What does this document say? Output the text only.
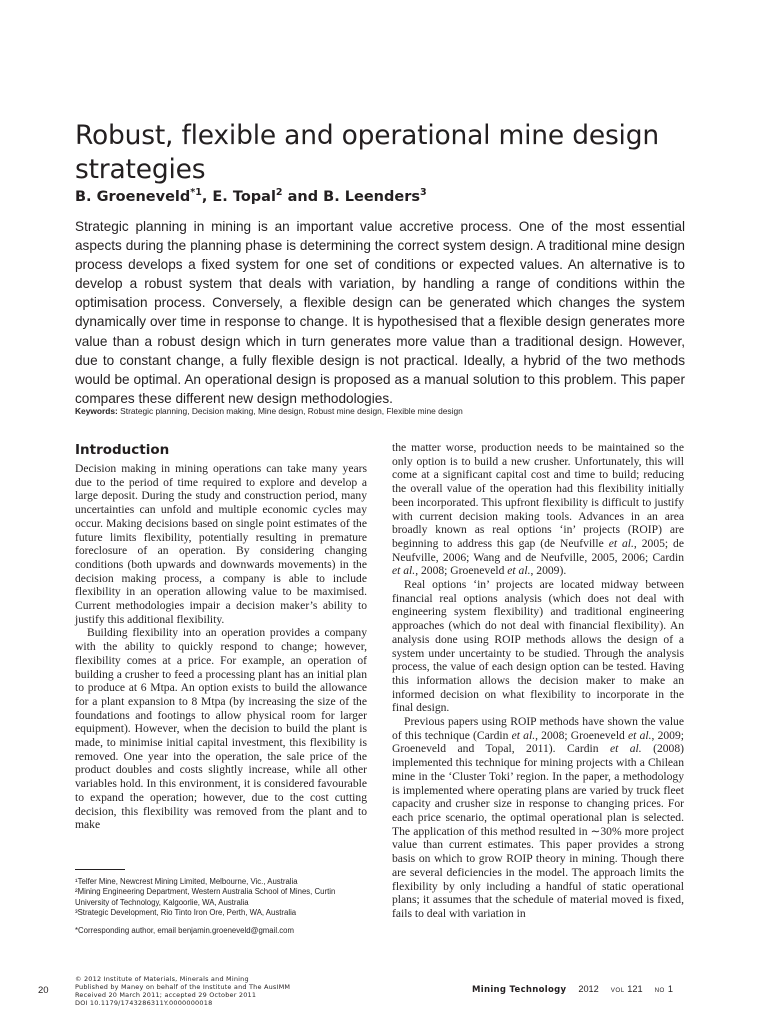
Robust, flexible and operational mine design strategies
B. Groeneveld$^{*1}$, E. Topal$^2$ and B. Leenders$^3$

Strategic planning in mining is an important value accretive process. One of the most essential aspects during the planning phase is determining the correct system design. A traditional mine design process develops a fixed system for one set of conditions or expected values. An alternative is to develop a robust system that deals with variation, by handling a range of conditions within the optimisation process. Conversely, a flexible design can be generated which changes the system dynamically over time in response to change. It is hypothesised that a flexible design generates more value than a robust design which in turn generates more value than a traditional design. However, due to constant change, a fully flexible design is not practical. Ideally, a hybrid of the two methods would be optimal. An operational design is proposed as a manual solution to this problem. This paper compares these different new design methodologies.

Keywords: Strategic planning, Decision making, Mine design, Robust mine design, Flexible mine design
Introduction

Decision making in mining operations can take many years due to the period of time required to explore and develop a large deposit. During the study and construction period, many uncertainties can unfold and multiple economic cycles may occur. Making decisions based on single point estimates of the future limits flexibility, potentially resulting in premature foreclosure of an operation. By considering changing conditions (both upwards and downwards movements) in the decision making process, a company is able to include flexibility in an operation allowing value to be maximised. Current methodologies impair a decision maker’s ability to justify this additional flexibility.

Building flexibility into an operation provides a company with the ability to quickly respond to change; however, flexibility comes at a price. For example, an operation of building a crusher to feed a processing plant has an initial plan to produce at 6 Mtpa. An option exists to build the allowance for a plant expansion to 8 Mtpa (by increasing the size of the foundations and footings to allow physical room for larger equipment). However, when the decision to build the plant is made, to minimise initial capital investment, this flexibility is removed. One year into the operation, the sale price of the product doubles and costs slightly increase, while all other variables hold. In this environment, it is considered favourable to expand the operation; however, due to the cost cutting decision, this flexibility was removed from the plant and to make

the matter worse, production needs to be maintained so the only option is to build a new crusher. Unfortunately, this will come at a significant capital cost and time to build; reducing the overall value of the operation had this flexibility initially been incorporated. This upfront flexibility is difficult to justify with current decision making tools. Advances in an area broadly known as real options ‘in’ projects (ROIP) are beginning to address this gap (de Neufville et al., 2005; de Neufville, 2006; Wang and de Neufville, 2005, 2006; Cardin et al., 2008; Groeneveld et al., 2009).

Real options ‘in’ projects are located midway between financial real options analysis (which does not deal with engineering system flexibility) and traditional engineering approaches (which do not deal with financial flexibility). An analysis done using ROIP methods allows the design of a system under uncertainty to be studied. Through the analysis process, the value of each design option can be tested. Having this information allows the decision maker to make an informed decision on what flexibility to incorporate in the final design.

Previous papers using ROIP methods have shown the value of this technique (Cardin et al., 2008; Groeneveld et al., 2009; Groeneveld and Topal, 2011). Cardin et al. (2008) implemented this technique for mining projects with a Chilean mine in the ‘Cluster Toki’ region. In the paper, a methodology is implemented where operating plans are varied by truck fleet capacity and crusher size in response to changing prices. For each price scenario, the optimal operational plan is selected. The application of this method resulted in ∼30% more project value than current estimates. This paper provides a strong basis on which to grow ROIP theory in mining. Though there are several deficiencies in the model. The approach limits the flexibility by only including a handful of static operational plans; it assumes that the schedule of material moved is fixed, fails to deal with variation in

¹Telfer Mine, Newcrest Mining Limited, Melbourne, Vic., Australia

²Mining Engineering Department, Western Australia School of Mines, Curtin University of Technology, Kalgoorlie, WA, Australia

³Strategic Development, Rio Tinto Iron Ore, Perth, WA, Australia

*Corresponding author, email benjamin.groeneveld@gmail.com

© 2012 Institute of Materials, Minerals and Mining

Published by Maney on behalf of the Institute and The AusIMM

Received 20 March 2011; accepted 29 October 2011

DOI 10.1179/1743286311Y.0000000018

20	Mining Technology 2012 VOL 121 NO 1
